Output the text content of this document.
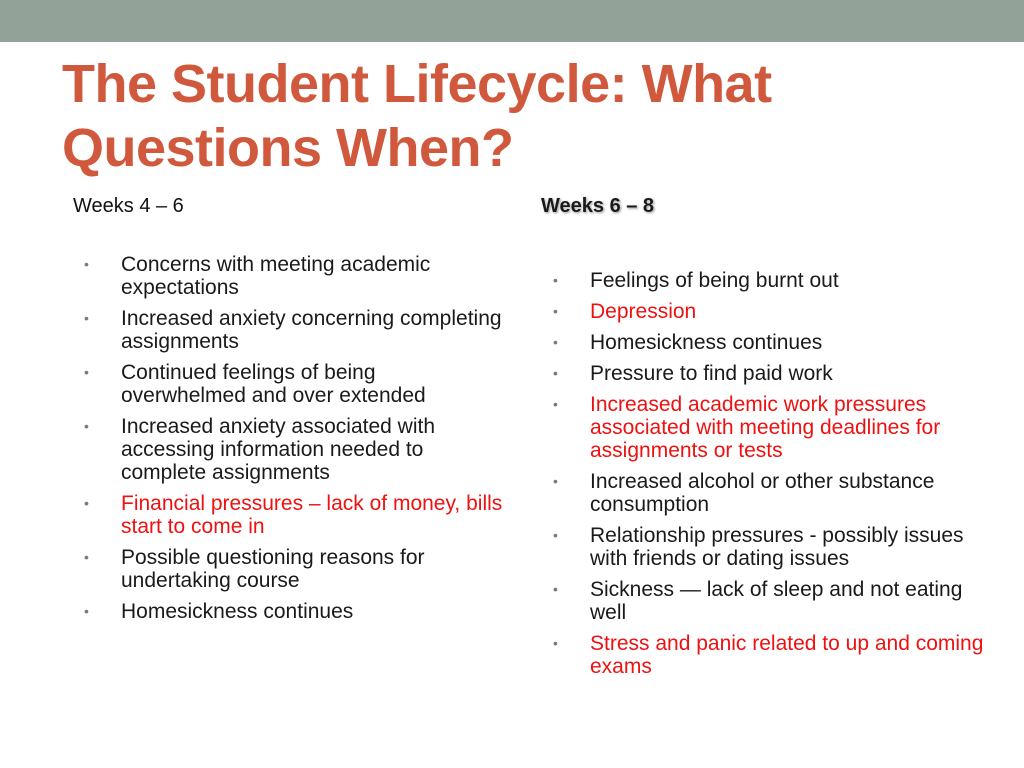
The Student Lifecycle: What Questions When?
Weeks 4 – 6	Weeks 6 – 8
• Concerns with meeting academic expectations
• Increased anxiety concerning completing assignments
• Continued feelings of being overwhelmed and over extended
• Increased anxiety associated with accessing information needed to complete assignments
• Financial pressures – lack of money, bills start to come in
• Possible questioning reasons for undertaking course
• Homesickness continues
• Feelings of being burnt out
• Depression
• Homesickness continues
• Pressure to find paid work
• Increased academic work pressures associated with meeting deadlines for assignments or tests
• Increased alcohol or other substance consumption
• Relationship pressures - possibly issues with friends or dating issues
• Sickness — lack of sleep and not eating well
• Stress and panic related to up and coming exams
